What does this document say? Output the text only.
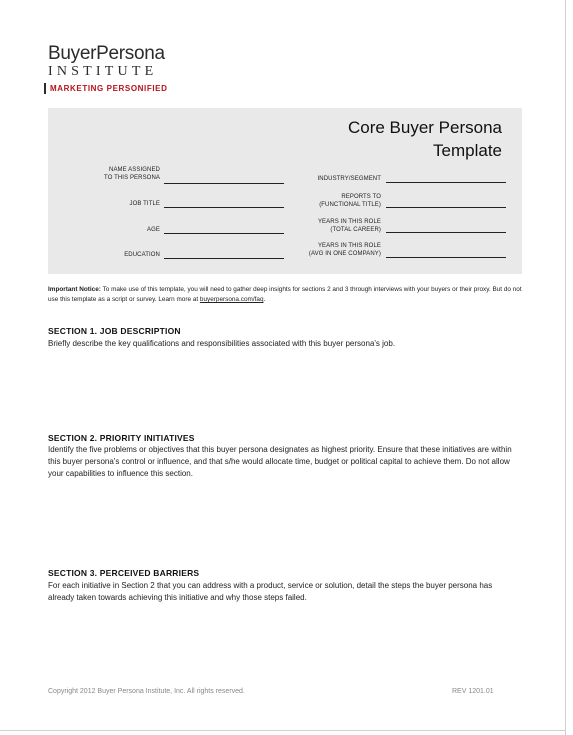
BuyerPersona
INSTITUTE
MARKETING PERSONIFIED
Core Buyer Persona
Template
NAME ASSIGNED
TO THIS PERSONA
JOB TITLE
AGE
EDUCATION
INDUSTRY/SEGMENT
REPORTS TO
(FUNCTIONAL TITLE)
YEARS IN THIS ROLE
(TOTAL CAREER)
YEARS IN THIS ROLE
(AVG IN ONE COMPANY)
Important Notice: To make use of this template, you will need to gather deep insights for sections 2 and 3 through interviews with your buyers or their proxy. But do not use this template as a script or survey. Learn more at buyerpersona.com/faq.
SECTION 1. JOB DESCRIPTION
Briefly describe the key qualifications and responsibilities associated with this buyer persona's job.
SECTION 2. PRIORITY INITIATIVES
Identify the five problems or objectives that this buyer persona designates as highest priority. Ensure that these initiatives are within this buyer persona's control or influence, and that s/he would allocate time, budget or political capital to achieve them. Do not allow your capabilities to influence this section.
SECTION 3. PERCEIVED BARRIERS
For each initiative in Section 2 that you can address with a product, service or solution, detail the steps the buyer persona has already taken towards achieving this initiative and why those steps failed.
Copyright 2012 Buyer Persona Institute, Inc. All rights reserved.	REV 1201.01
